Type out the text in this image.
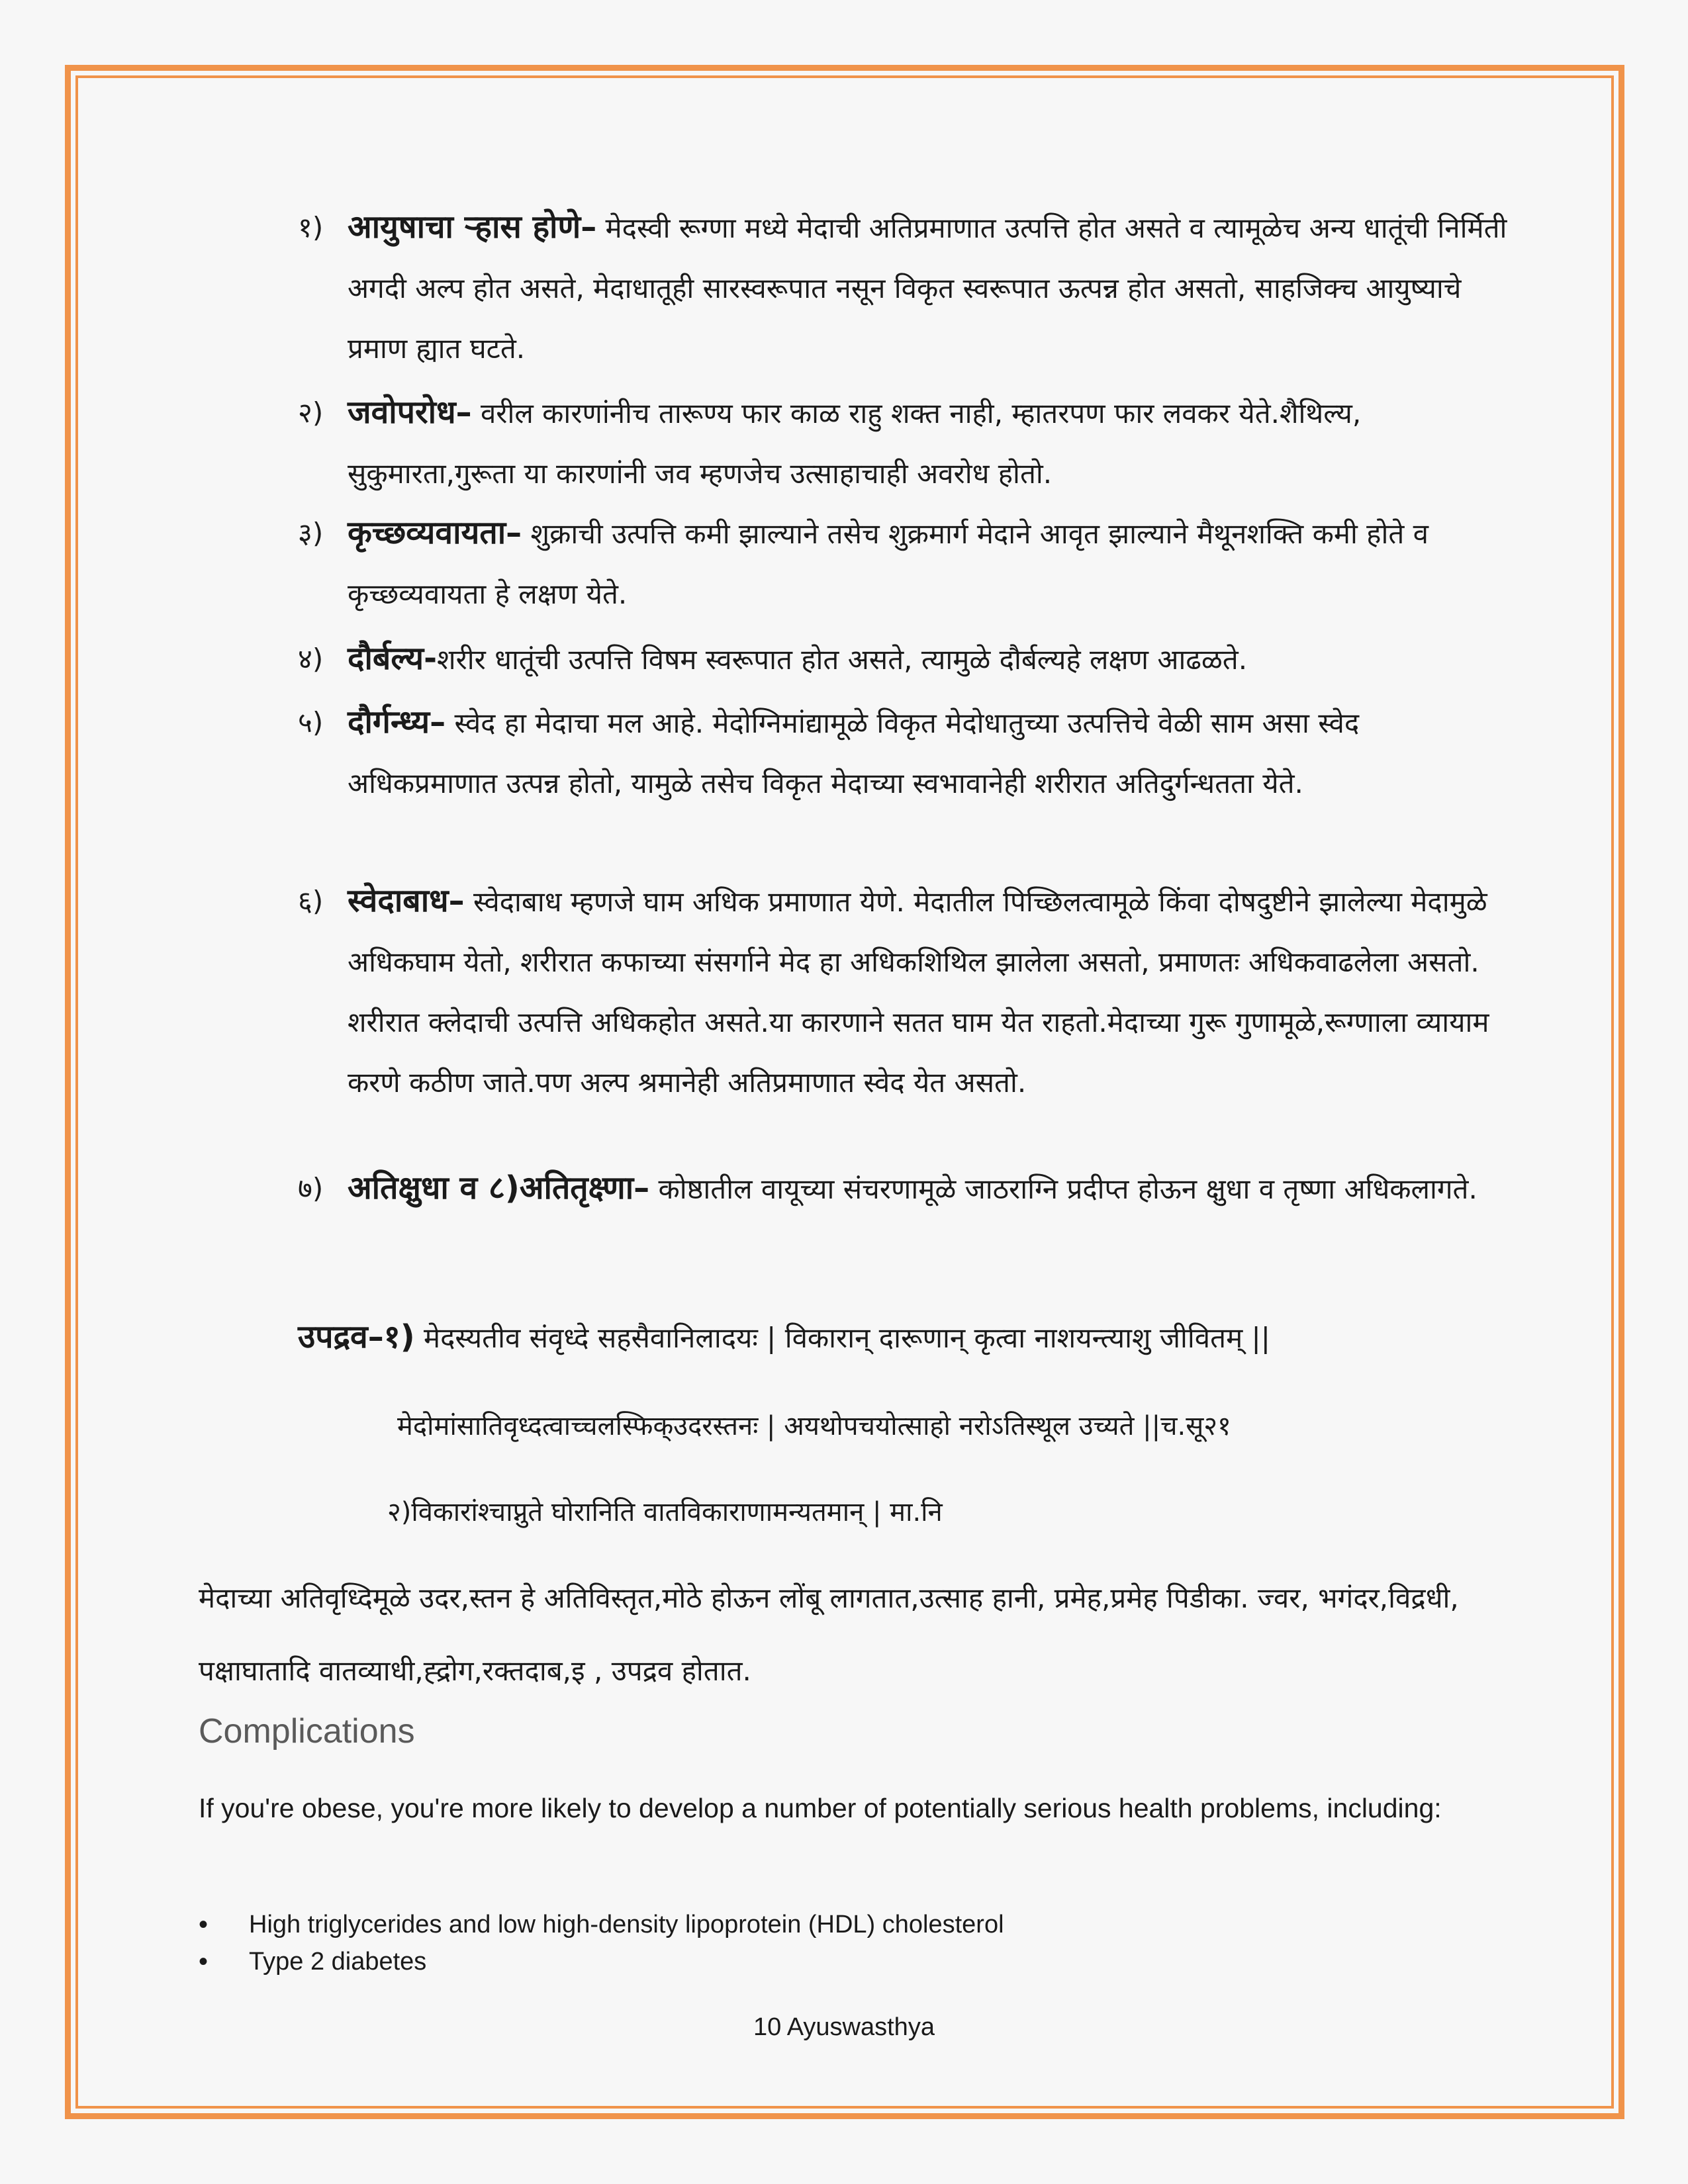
१) आयुषाचा ऱ्हास होणे– मेदस्वी रूग्णा मध्ये मेदाची अतिप्रमाणात उत्पत्ति होत असते व त्यामूळेच अन्य धातूंची निर्मिती अगदी अल्प होत असते, मेदाधातूही सारस्वरूपात नसून विकृत स्वरूपात ऊत्पन्न होत असतो, साहजिक्च आयुष्याचे प्रमाण ह्यात घटते.
२) जवोपरोध– वरील कारणांनीच तारूण्य फार काळ राहु शक्त नाही, म्हातरपण फार लवकर येते.शैथिल्य, सुकुमारता,गुरूता या कारणांनी जव म्हणजेच उत्साहाचाही अवरोध होतो.
३) कृच्छव्यवायता– शुक्राची उत्पत्ति कमी झाल्याने तसेच शुक्रमार्ग मेदाने आवृत झाल्याने मैथूनशक्ति कमी होते व कृच्छव्यवायता हे लक्षण येते.
४) दौर्बल्य-शरीर धातूंची उत्पत्ति विषम स्वरूपात होत असते, त्यामुळे दौर्बल्यहे लक्षण आढळते.
५) दौर्गन्ध्य– स्वेद हा मेदाचा मल आहे. मेदोग्निमांद्यामूळे विकृत मेदोधातुच्या उत्पत्तिचे वेळी साम असा स्वेद अधिकप्रमाणात उत्पन्न होतो, यामुळे तसेच विकृत मेदाच्या स्वभावानेही शरीरात अतिदुर्गन्धतता येते.
६) स्वेदाबाध– स्वेदाबाध म्हणजे घाम अधिक प्रमाणात येणे. मेदातील पिच्छिलत्वामूळे किंवा दोषदुष्टीने झालेल्या मेदामुळे अधिकघाम येतो, शरीरात कफाच्या संसर्गाने मेद हा अधिकशिथिल झालेला असतो, प्रमाणतः अधिकवाढलेला असतो. शरीरात क्लेदाची उत्पत्ति अधिकहोत असते.या कारणाने सतत घाम येत राहतो.मेदाच्या गुरू गुणामूळे,रूग्णाला व्यायाम करणे कठीण जाते.पण अल्प श्रमानेही अतिप्रमाणात स्वेद येत असतो.
७) अतिक्षुधा व ८)अतितृक्ष्णा– कोष्ठातील वायूच्या संचरणामूळे जाठराग्नि प्रदीप्त होऊन क्षुधा व तृष्णा अधिकलागते.
उपद्रव–१) मेदस्यतीव संवृध्दे सहसैवानिलादयः | विकारान् दारूणान् कृत्वा नाशयन्त्याशु जीवितम् ||
मेदोमांसातिवृध्दत्वाच्चलस्फिक्उदरस्तनः | अयथोपचयोत्साहो नरोऽतिस्थूल उच्यते ||च.सू२१
२)विकारांश्चाप्नुते घोरानिति वातविकाराणामन्यतमान् | मा.नि
मेदाच्या अतिवृध्दिमूळे उदर,स्तन हे अतिविस्तृत,मोठे होऊन लोंबू लागतात,उत्साह हानी, प्रमेह,प्रमेह पिडीका. ज्वर, भगंदर,विद्रधी, पक्षाघातादि वातव्याधी,ह्द्रोग,रक्तदाब,इ , उपद्रव होतात.
Complications
If you're obese, you're more likely to develop a number of potentially serious health problems, including:
• High triglycerides and low high-density lipoprotein (HDL) cholesterol
• Type 2 diabetes
10 Ayuswasthya
